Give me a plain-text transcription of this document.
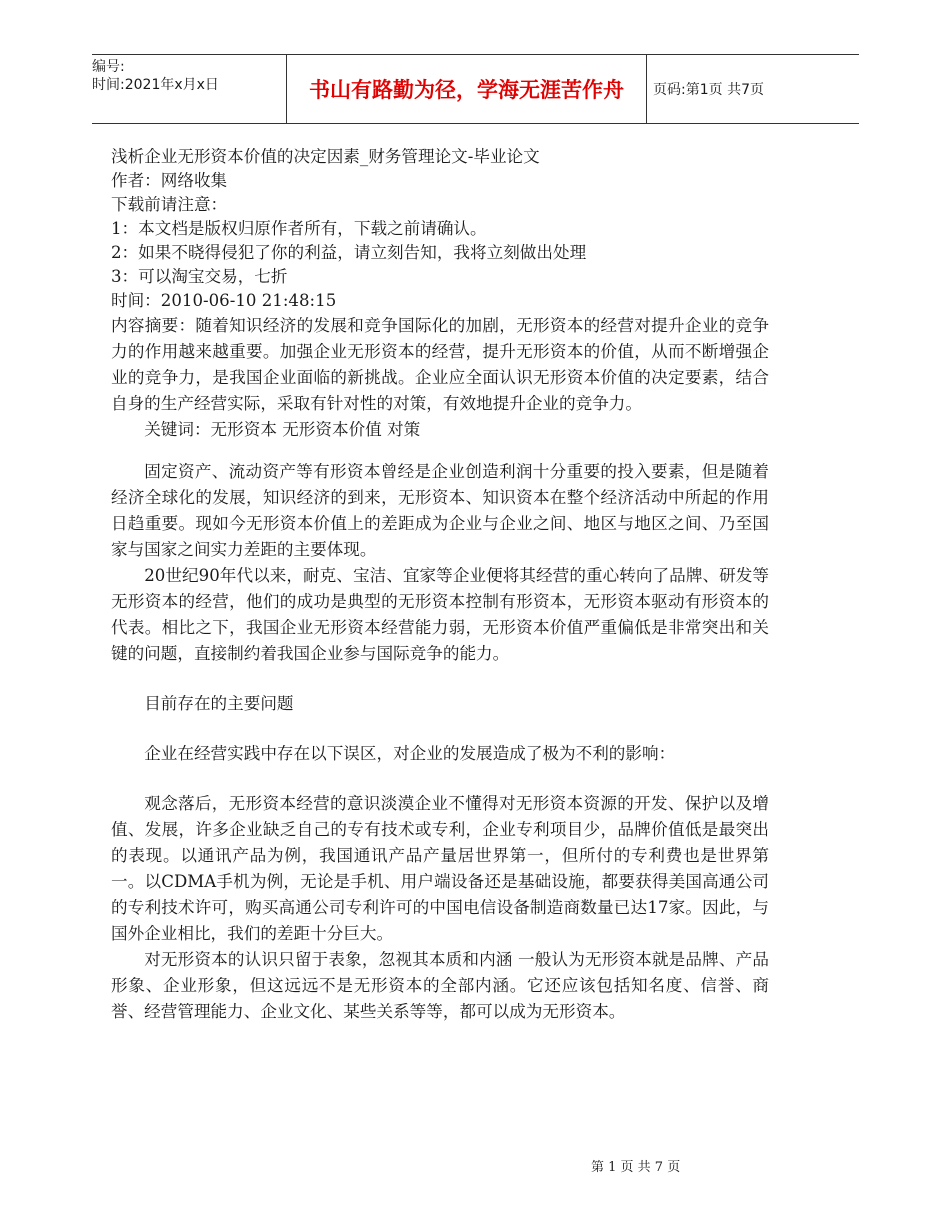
编号:
时间:2021年x月x日	书山有路勤为径，学海无涯苦作舟	页码:第1页 共7页

浅析企业无形资本价值的决定因素_财务管理论文-毕业论文

作者：网络收集

下载前请注意：

1：本文档是版权归原作者所有，下载之前请确认。

2：如果不晓得侵犯了你的利益，请立刻告知，我将立刻做出处理

3：可以淘宝交易，七折

时间：2010-06-10 21:48:15

内容摘要：随着知识经济的发展和竞争国际化的加剧，无形资本的经营对提升企业的竞争力的作用越来越重要。加强企业无形资本的经营，提升无形资本的价值，从而不断增强企业的竞争力，是我国企业面临的新挑战。企业应全面认识无形资本价值的决定要素，结合自身的生产经营实际，采取有针对性的对策，有效地提升企业的竞争力。

关键词：无形资本 无形资本价值 对策

固定资产、流动资产等有形资本曾经是企业创造利润十分重要的投入要素，但是随着经济全球化的发展，知识经济的到来，无形资本、知识资本在整个经济活动中所起的作用日趋重要。现如今无形资本价值上的差距成为企业与企业之间、地区与地区之间、乃至国家与国家之间实力差距的主要体现。

20世纪90年代以来，耐克、宝洁、宜家等企业便将其经营的重心转向了品牌、研发等无形资本的经营，他们的成功是典型的无形资本控制有形资本，无形资本驱动有形资本的代表。相比之下，我国企业无形资本经营能力弱，无形资本价值严重偏低是非常突出和关键的问题，直接制约着我国企业参与国际竞争的能力。

目前存在的主要问题

企业在经营实践中存在以下误区，对企业的发展造成了极为不利的影响：

观念落后，无形资本经营的意识淡漠企业不懂得对无形资本资源的开发、保护以及增值、发展，许多企业缺乏自己的专有技术或专利，企业专利项目少，品牌价值低是最突出的表现。以通讯产品为例，我国通讯产品产量居世界第一，但所付的专利费也是世界第一。以CDMA手机为例，无论是手机、用户端设备还是基础设施，都要获得美国高通公司的专利技术许可，购买高通公司专利许可的中国电信设备制造商数量已达17家。因此，与国外企业相比，我们的差距十分巨大。

对无形资本的认识只留于表象，忽视其本质和内涵 一般认为无形资本就是品牌、产品形象、企业形象，但这远远不是无形资本的全部内涵。它还应该包括知名度、信誉、商誉、经营管理能力、企业文化、某些关系等等，都可以成为无形资本。

第 1 页 共 7 页
